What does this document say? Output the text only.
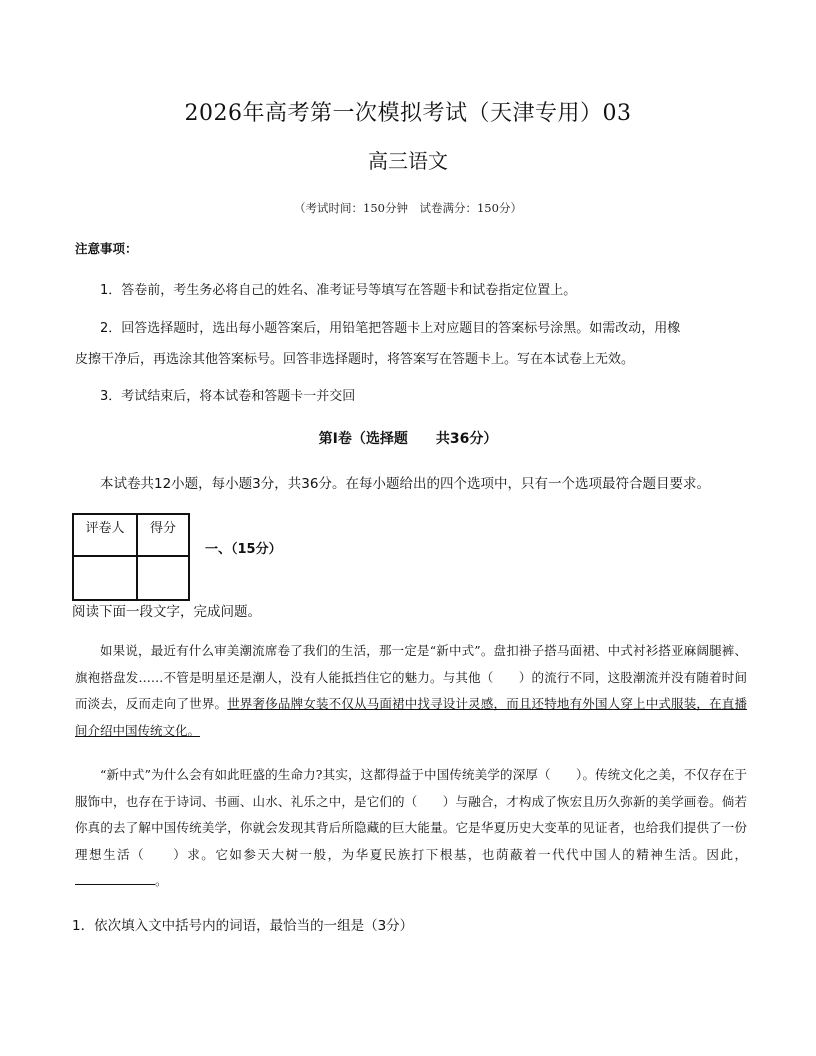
2026年高考第一次模拟考试（天津专用）03
高三语文
（考试时间：150分钟　试卷满分：150分）
注意事项：
1．答卷前，考生务必将自己的姓名、准考证号等填写在答题卡和试卷指定位置上。
2．回答选择题时，选出每小题答案后，用铅笔把答题卡上对应题目的答案标号涂黑。如需改动，用橡
皮擦干净后，再选涂其他答案标号。回答非选择题时，将答案写在答题卡上。写在本试卷上无效。
3．考试结束后，将本试卷和答题卡一并交回
第Ⅰ卷（选择题 共36分）
本试卷共12小题，每小题3分，共36分。在每小题给出的四个选项中，只有一个选项最符合题目要求。
评卷人	得分

一、（15分）
阅读下面一段文字，完成问题。

如果说，最近有什么审美潮流席卷了我们的生活，那一定是“新中式”。盘扣褂子搭马面裙、中式衬衫搭亚麻阔腿裤、旗袍搭盘发……不管是明星还是潮人，没有人能抵挡住它的魅力。与其他（　　）的流行不同，这股潮流并没有随着时间而淡去，反而走向了世界。世界奢侈品牌女装不仅从马面裙中找寻设计灵感，而且还特地有外国人穿上中式服装，在直播间介绍中国传统文化。

“新中式”为什么会有如此旺盛的生命力?其实，这都得益于中国传统美学的深厚（　　）。传统文化之美，不仅存在于服饰中，也存在于诗词、书画、山水、礼乐之中，是它们的（　　）与融合，才构成了恢宏且历久弥新的美学画卷。倘若你真的去了解中国传统美学，你就会发现其背后所隐藏的巨大能量。它是华夏历史大变革的见证者，也给我们提供了一份理想生活（　　）求。它如参天大树一般，为华夏民族打下根基，也荫蔽着一代代中国人的精神生活。因此，。

1．依次填入文中括号内的词语，最恰当的一组是（3分）
